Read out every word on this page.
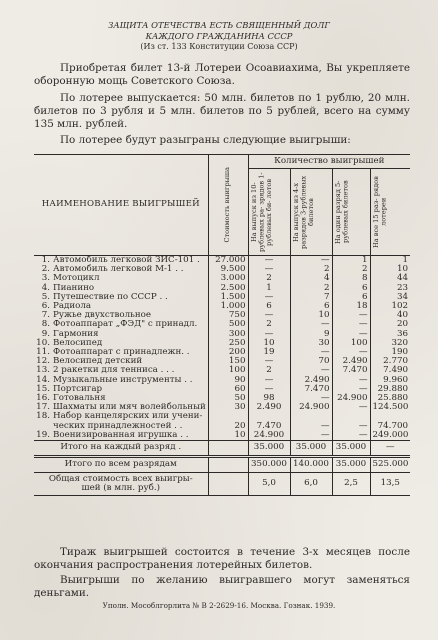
ЗАЩИТА ОТЕЧЕСТВА ЕСТЬ СВЯЩЕННЫЙ ДОЛГ
КАЖДОГО ГРАЖДАНИНА СССР
(Из ст. 133 Конституции Союза ССР)
Приобретая билет 13-й Лотереи Осоавиахима, Вы укрепляете оборонную мощь Советского Союза.
По лотерее выпускается: 50 млн. билетов по 1 рублю, 20 млн. билетов по 3 рубля и 5 млн. билетов по 5 рублей, всего на сумму 135 млн. рублей.
По лотерее будут разыграны следующие выигрыши:
НАИМЕНОВАНИЕ ВЫИГРЫШЕЙ	Стоимость выигрыша	Количество выигрышей			

		На выпуск из 10-рублевых ра- зрядов 1-рублевых би- летов	На выпуск из 4-х разрядов 3-рублевых билетов	На один разряд 5-рублевых билетов	На все 15 раз- рядов лотереи

1. Автомобиль легковой ЗИС-101 .	27.000	—	—	1	1
2. Автомобиль легковой М-1 . .	9.500	—	2	2	10
3. Мотоцикл	3.000	2	4	8	44
4. Пианино	2.500	1	2	6	23
5. Путешествие по СССР . .	1.500	—	7	6	34
6. Радиола	1.000	6	6	18	102
7. Ружье двухствольное	750	—	10	—	40
8. Фотоаппарат „ФЭД" с принадл.	500	2	—	—	20
9. Гармония	300	—	9	—	36
10. Велосипед	250	10	30	100	320
11. Фотоаппарат с принадлежн. .	200	19	—	—	190
12. Велосипед детский	150	—	70	2.490	2.770
13. 2 ракетки для тенниса . . .	100	2	—	7.470	7.490
14. Музыкальные инструменты . .	90	—	2.490	—	9.960
15. Портсигар	60	—	7.470	—	29.880
16. Готовальня	50	98	—	24.900	25.880
17. Шахматы или мяч волейбольный	30	2.490	24.900	—	124.500
18. Набор канцелярских или учени-					
ческих принадлежностей . .	20	7.470	—	—	74.700
19. Военизированная игрушка . .	10	24.900	—	—	249.000
Итого на каждый разряд .		35.000	35.000	35.000	—
Итого по всем разрядам		350.000	140.000	35.000	525.000

Общая стоимость всех выигры-
шей (в млн. руб.)		5,0	6,0	2,5	13,5
Тираж выигрышей состоится в течение 3-х месяцев после окончания распространения лотерейных билетов.
Выигрыши по желанию выигравшего могут заменяться деньгами.
Уполн. Мособлгорлита № В 2-2629-16. Москва. Гознак. 1939.
